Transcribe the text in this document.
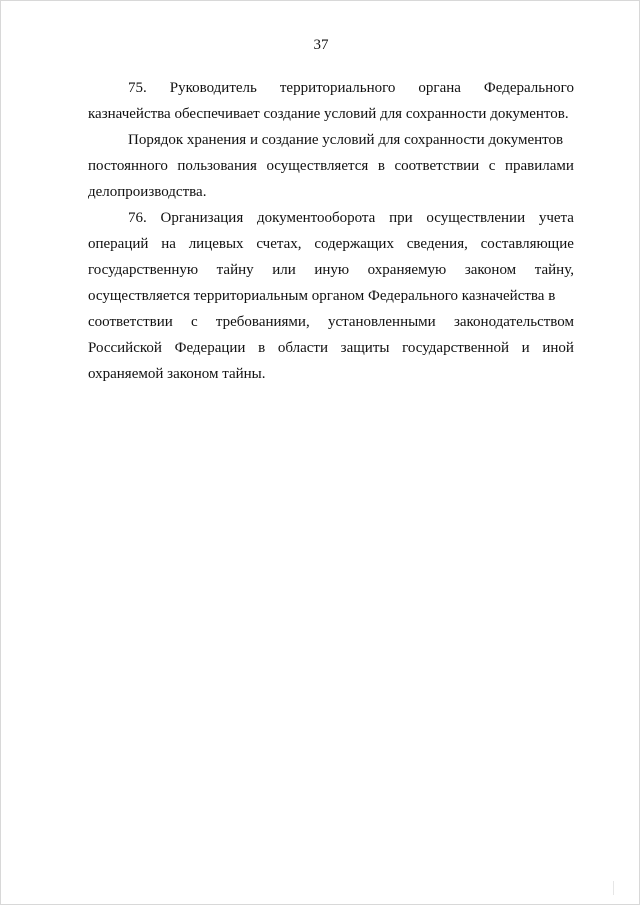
37
75. Руководитель территориального органа Федерального
казначейства обеспечивает создание условий для сохранности документов.
Порядок хранения и создание условий для сохранности документов
постоянного пользования осуществляется в соответствии с правилами
делопроизводства.
76. Организация документооборота при осуществлении учета
операций на лицевых счетах, содержащих сведения, составляющие
государственную тайну или иную охраняемую законом тайну,
осуществляется территориальным органом Федерального казначейства в
соответствии с требованиями, установленными законодательством
Российской Федерации в области защиты государственной и иной
охраняемой законом тайны.
